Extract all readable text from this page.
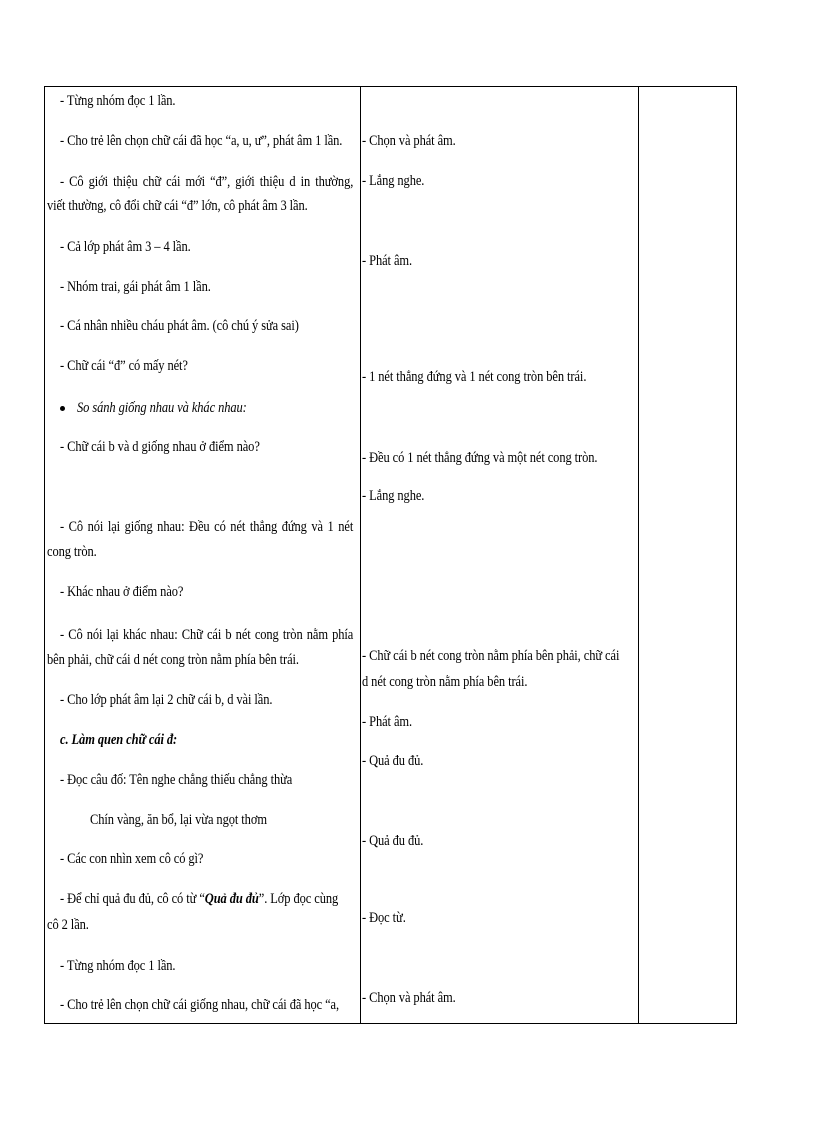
- Từng nhóm đọc 1 lần.
- Cho trẻ lên chọn chữ cái đã học “a, u, ư”, phát âm 1 lần.
- Cô giới thiệu chữ cái mới “đ”, giới thiệu d in thường,
viết thường, cô đổi chữ cái “đ” lớn, cô phát âm 3 lần.
- Cả lớp phát âm 3 – 4 lần.
- Nhóm trai, gái phát âm 1 lần.
- Cá nhân nhiều cháu phát âm. (cô chú ý sửa sai)
- Chữ cái “đ” có mấy nét?
So sánh giống nhau và khác nhau:
- Chữ cái b và d giống nhau ở điểm nào?
- Cô nói lại giống nhau: Đều có nét thẳng đứng và 1 nét
cong tròn.
- Khác nhau ở điểm nào?
- Cô nói lại khác nhau: Chữ cái b nét cong tròn nằm phía
bên phải, chữ cái d nét cong tròn nằm phía bên trái.
- Cho lớp phát âm lại 2 chữ cái b, d vài lần.
c. Làm quen chữ cái đ:
- Đọc câu đố: Tên nghe chẳng thiếu chẳng thừa
Chín vàng, ăn bổ, lại vừa ngọt thơm
- Các con nhìn xem cô có gì?
- Để chỉ quả đu đủ, cô có từ “Quả đu đủ”. Lớp đọc cùng
cô 2 lần.
- Từng nhóm đọc 1 lần.
- Cho trẻ lên chọn chữ cái giống nhau, chữ cái đã học “a,
- Chọn và phát âm.
- Lắng nghe.
- Phát âm.
- 1 nét thẳng đứng và 1 nét cong tròn bên trái.
- Đều có 1 nét thẳng đứng và một nét cong tròn.
- Lắng nghe.
- Chữ cái b nét cong tròn nằm phía bên phải, chữ cái
d nét cong tròn nằm phía bên trái.
- Phát âm.
- Quả đu đủ.
- Quả đu đủ.
- Đọc từ.
- Chọn và phát âm.
